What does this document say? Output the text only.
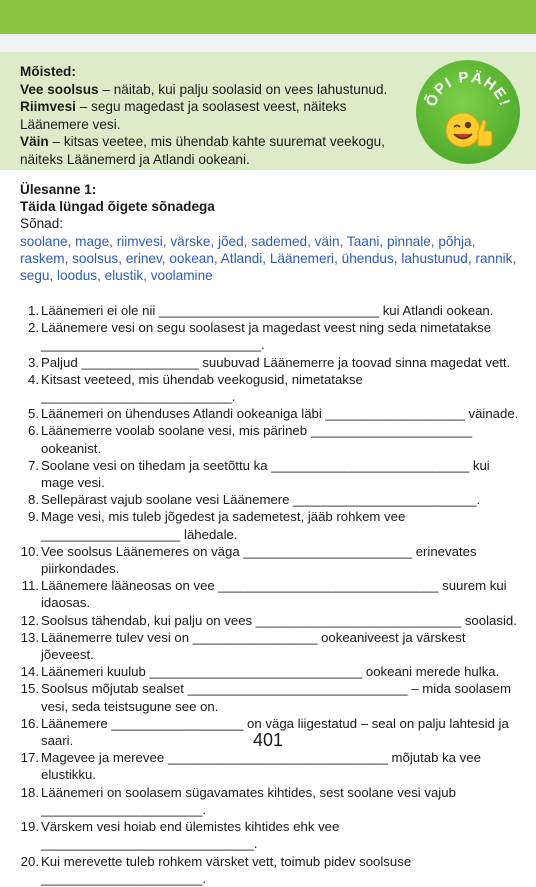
Mõisted:
Vee soolsus – näitab, kui palju soolasid on vees lahustunud.
Riimvesi – segu magedast ja soolasest veest, näiteks Läänemere vesi.
Väin – kitsas veetee, mis ühendab kahte suuremat veekogu, näiteks Läänemerd ja Atlandi ookeani.
ÕPI PÄHE!
Ülesanne 1:
Täida lüngad õigete sõnadega
Sõnad:
soolane, mage, riimvesi, värske, jõed, sademed, väin, Taani, pinnale, põhja, raskem, soolsus, erinev, ookean, Atlandi, Läänemeri, ühendus, lahustunud, rannik, segu, loodus, elustik, voolamine
1. Läänemeri ei ole nii ______________________________ kui Atlandi ookean.
2. Läänemere vesi on segu soolasest ja magedast veest ning seda nimetatakse ______________________________.
3. Paljud ________________ suubuvad Läänemerre ja toovad sinna magedat vett.
4. Kitsast veeteed, mis ühendab veekogusid, nimetatakse __________________________.
5. Läänemeri on ühenduses Atlandi ookeaniga läbi ___________________ väinade.
6. Läänemerre voolab soolane vesi, mis pärineb ______________________ ookeanist.
7. Soolane vesi on tihedam ja seetõttu ka ___________________________ kui mage vesi.
8. Sellepärast vajub soolane vesi Läänemere _________________________.
9. Mage vesi, mis tuleb jõgedest ja sademetest, jääb rohkem vee ___________________ lähedale.
10. Vee soolsus Läänemeres on väga _______________________ erinevates piirkondades.
11. Läänemere lääneosas on vee ______________________________ suurem kui idaosas.
12. Soolsus tähendab, kui palju on vees ____________________________ soolasid.
13. Läänemerre tulev vesi on _________________ ookeaniveest ja värskest jõeveest.
14. Läänemeri kuulub _____________________________ ookeani merede hulka.
15. Soolsus mõjutab sealset ______________________________ – mida soolasem vesi, seda teistsugune see on.
16. Läänemere __________________ on väga liigestatud – seal on palju lahtesid ja saari.
17. Magevee ja merevee ______________________________ mõjutab ka vee elustikku.
18. Läänemeri on soolasem sügavamates kihtides, sest soolane vesi vajub ______________________.
19. Värskem vesi hoiab end ülemistes kihtides ehk vee _____________________________.
20. Kui merevette tuleb rohkem värsket vett, toimub pidev soolsuse ______________________.
401
